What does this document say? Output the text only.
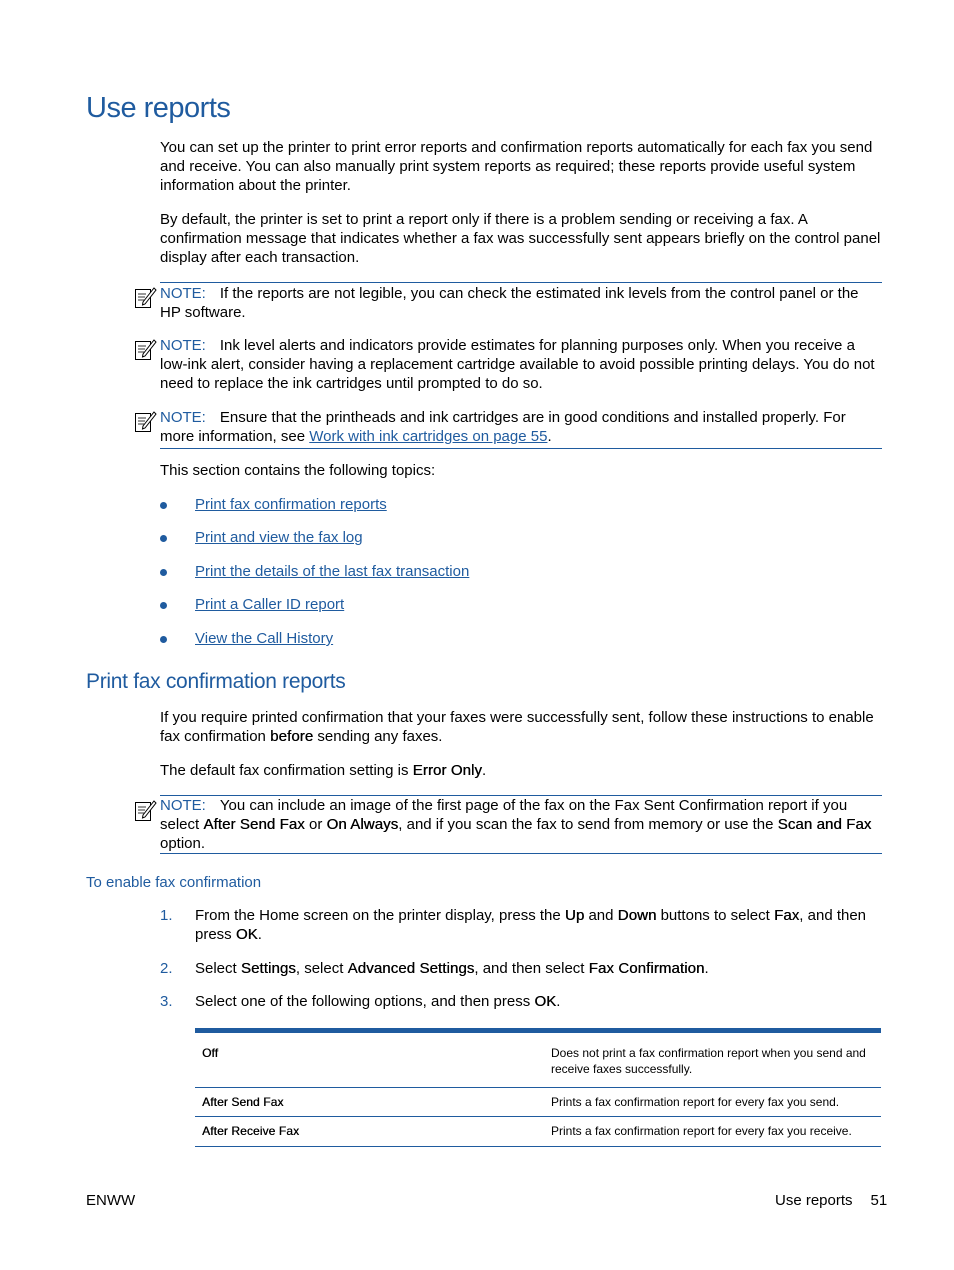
Use reports

You can set up the printer to print error reports and confirmation reports automatically for each fax you send and receive. You can also manually print system reports as required; these reports provide useful system information about the printer.

By default, the printer is set to print a report only if there is a problem sending or receiving a fax. A confirmation message that indicates whether a fax was successfully sent appears briefly on the control panel display after each transaction.

NOTE: If the reports are not legible, you can check the estimated ink levels from the control panel or the HP software.

NOTE: Ink level alerts and indicators provide estimates for planning purposes only. When you receive a low-ink alert, consider having a replacement cartridge available to avoid possible printing delays. You do not need to replace the ink cartridges until prompted to do so.

NOTE: Ensure that the printheads and ink cartridges are in good conditions and installed properly. For more information, see Work with ink cartridges on page 55.

This section contains the following topics:

Print fax confirmation reports
Print and view the fax log
Print the details of the last fax transaction
Print a Caller ID report
View the Call History
Print fax confirmation reports

If you require printed confirmation that your faxes were successfully sent, follow these instructions to enable fax confirmation before sending any faxes.

The default fax confirmation setting is Error Only.

NOTE: You can include an image of the first page of the fax on the Fax Sent Confirmation report if you select After Send Fax or On Always, and if you scan the fax to send from memory or use the Scan and Fax option.

To enable fax confirmation
1. From the Home screen on the printer display, press the Up and Down buttons to select Fax, and then press OK.

2. Select Settings, select Advanced Settings, and then select Fax Confirmation.

3. Select one of the following options, and then press OK.

Off	Does not print a fax confirmation report when you send and receive faxes successfully.
After Send Fax	Prints a fax confirmation report for every fax you send.
After Receive Fax	Prints a fax confirmation report for every fax you receive.
ENWW	Use reports 51
